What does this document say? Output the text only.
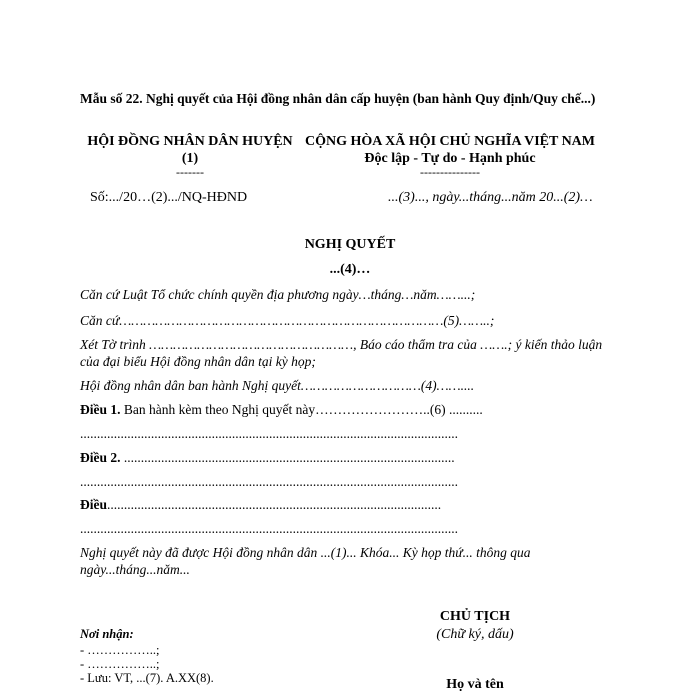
Mẫu số 22. Nghị quyết của Hội đồng nhân dân cấp huyện (ban hành Quy định/Quy chế...)
HỘI ĐỒNG NHÂN DÂN HUYỆN (1)
-------
CỘNG HÒA XÃ HỘI CHỦ NGHĨA VIỆT NAM
Độc lập - Tự do - Hạnh phúc
---------------
Số:.../20…(2).../NQ-HĐND	...(3)..., ngày...tháng...năm 20...(2)…
NGHỊ QUYẾT
...(4)…
Căn cứ Luật Tổ chức chính quyền địa phương ngày…tháng…năm……...;
Căn cứ………………………………………………………………………(5)……..;
Xét Tờ trình ……………………………………………, Báo cáo thẩm tra của …….; ý kiến thảo luận của đại biểu Hội đồng nhân dân tại kỳ họp;
Hội đồng nhân dân ban hành Nghị quyết…………………………(4)……....
Điều 1. Ban hành kèm theo Nghị quyết này……………………..(6) ..........
................................................................................................................
Điều 2. ..................................................................................................
................................................................................................................
Điều...................................................................................................
................................................................................................................
Nghị quyết này đã được Hội đồng nhân dân ...(1)... Khóa... Kỳ họp thứ... thông qua ngày...tháng...năm...
CHỦ TỊCH
(Chữ ký, dấu)
Họ và tên
Nơi nhận:
- ……………..;
- ……………..;
- Lưu: VT, ...(7). A.XX(8).
